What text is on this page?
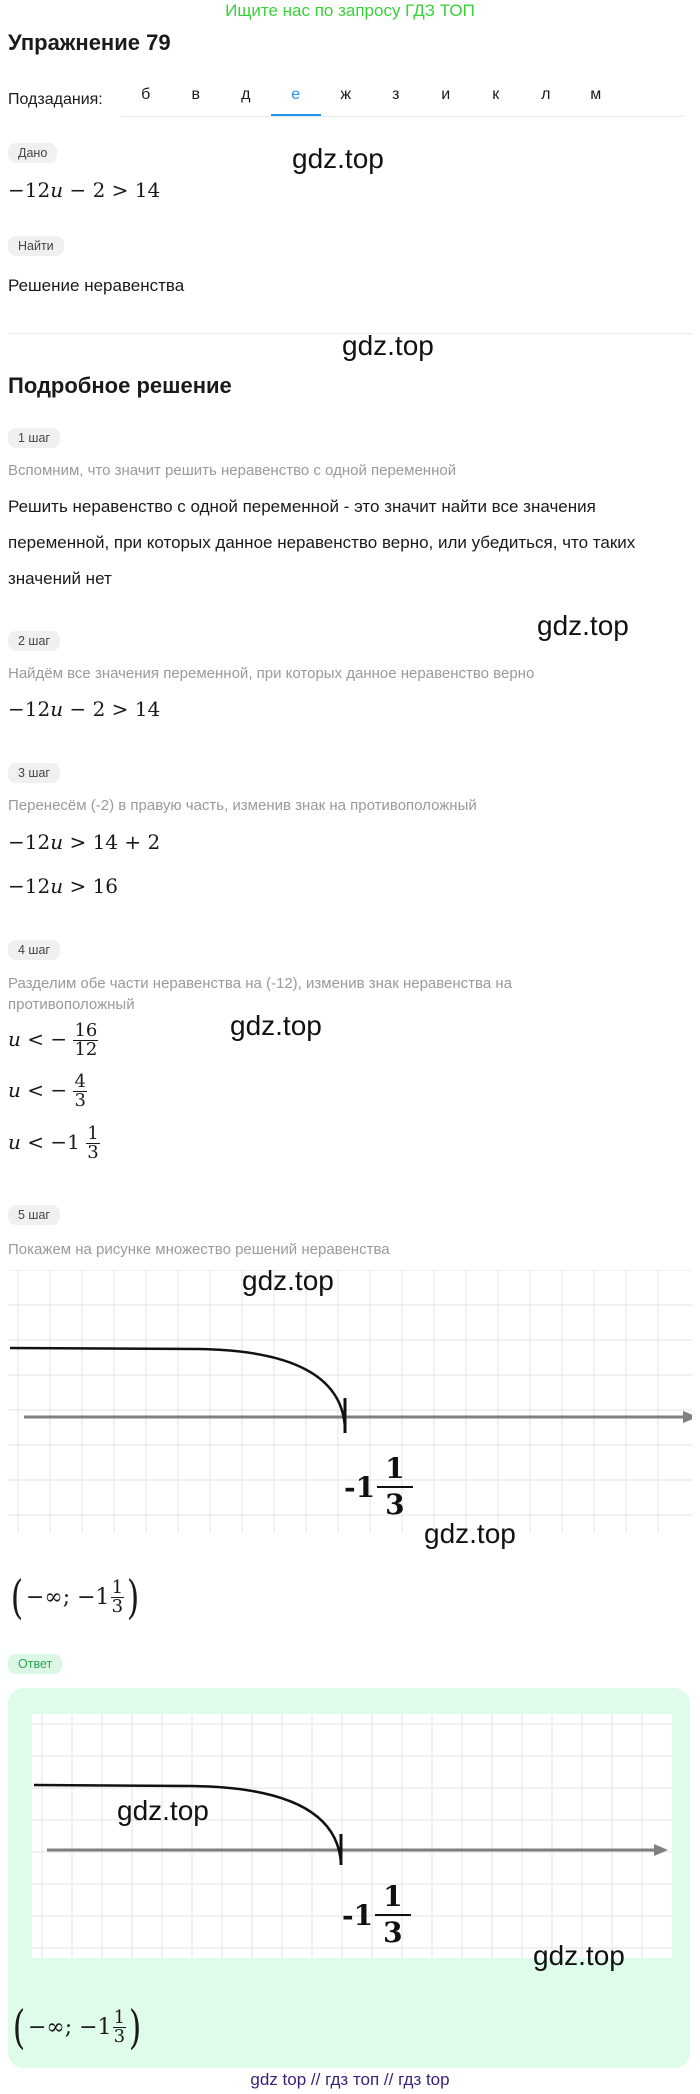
Ищите нас по запросу ГДЗ ТОП
Упражнение 79
Подзадания:	б	в	д	е	ж	з	и	к	л	м
Дано
−12u − 2 > 14
gdz.top
Найти
Решение неравенства
gdz.top
Подробное решение
1 шаг
Вспомним, что значит решить неравенство с одной переменной
Решить неравенство с одной переменной - это значит найти все значения переменной, при которых данное неравенство верно, или убедиться, что таких значений нет
gdz.top
2 шаг
Найдём все значения переменной, при которых данное неравенство верно
−12u − 2 > 14
3 шаг
Перенесём (-2) в правую часть, изменив знак на противоположный
−12u > 14 + 2
−12u > 16
4 шаг
Разделим обе части неравенства на (-12), изменив знак неравенства на противоположный
u < − $\frac{16}{12}$
u < − $\frac{4}{3}$
$u < -1 \frac{1}{3}$
gdz.top
5 шаг
Покажем на рисунке множество решений неравенства
$-1 \frac{1}{3}$
gdz.top
gdz.top
( −∞; $-1 \frac{1}{3}$ )
Ответ
$-1 \frac{1}{3}$
gdz.top
gdz.top
( −∞; $-1 \frac{1}{3}$ )
gdz top // гдз топ // гдз top
